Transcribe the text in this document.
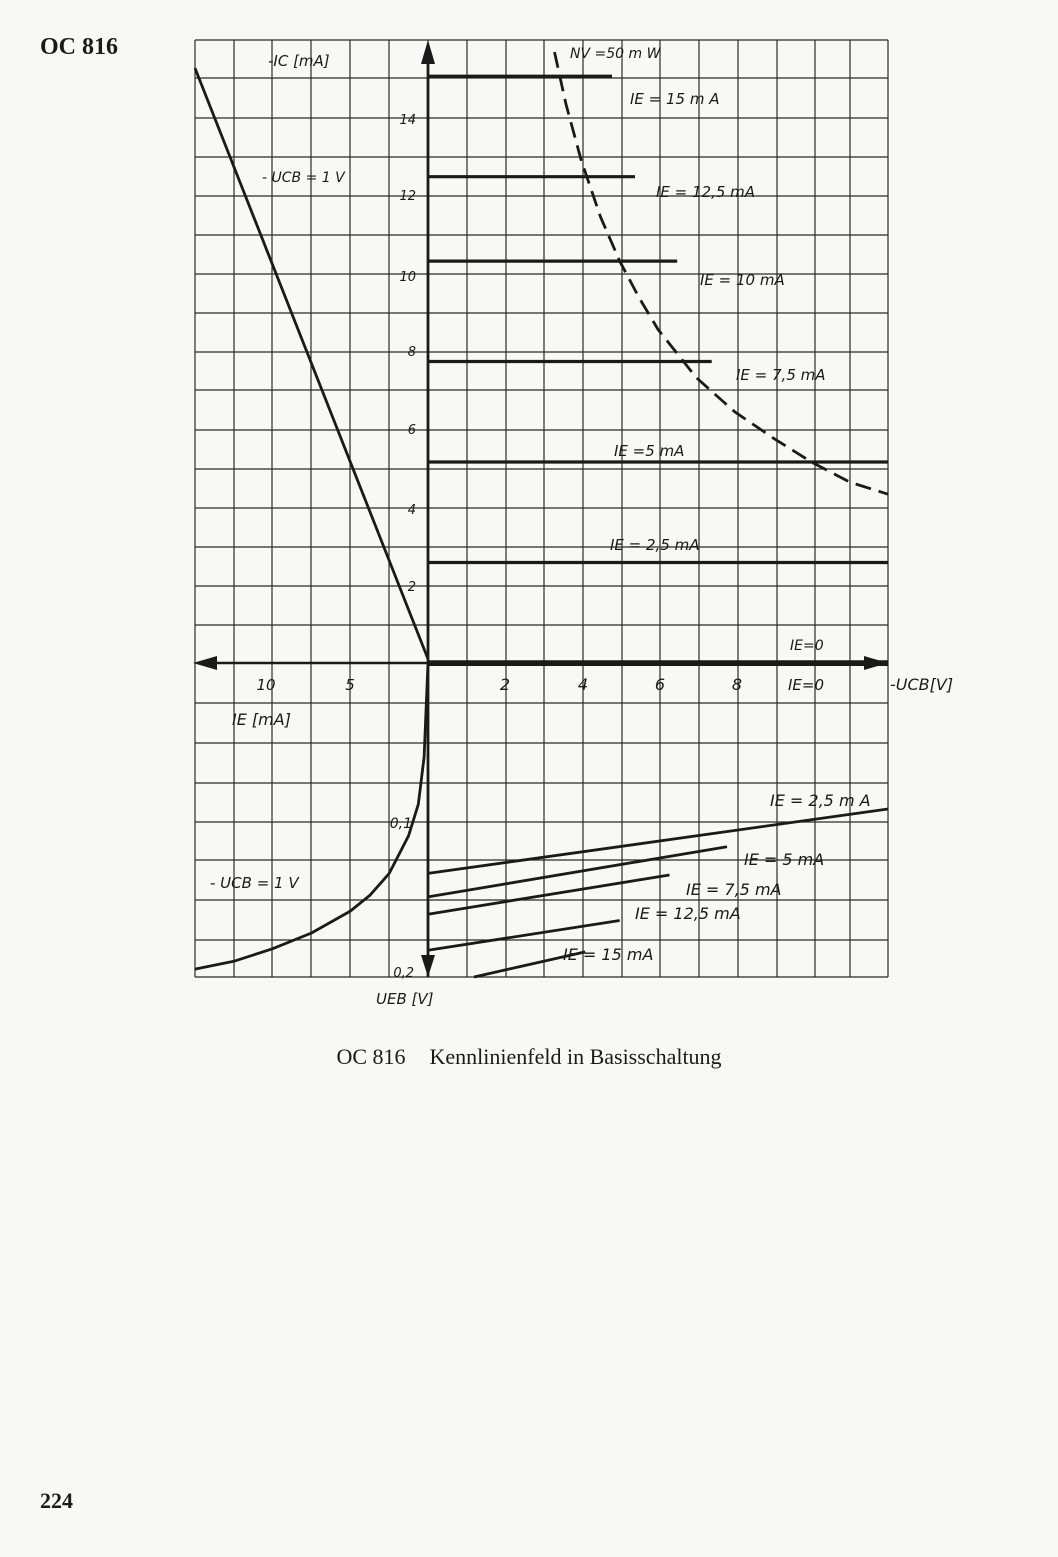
OC 816
14
12
10
8
6
4
2
2	4	6	8
10	5
0,1
0,2
-IC [mA]
-UCB[V]
IE [mA]
UEB [V]
- UCB = 1 V
- UCB = 1 V
NV =50 m W
IE=0
IE=0
IE = 15 m A
IE = 12,5 mA
IE = 10 mA
IE = 7,5 mA
IE =5 mA
IE = 2,5 mA
IE = 2,5 m A
IE = 5 mA
IE = 7,5 mA
IE = 12,5 mA
IE = 15 mA
OC 816 Kennlinienfeld in Basisschaltung
224
